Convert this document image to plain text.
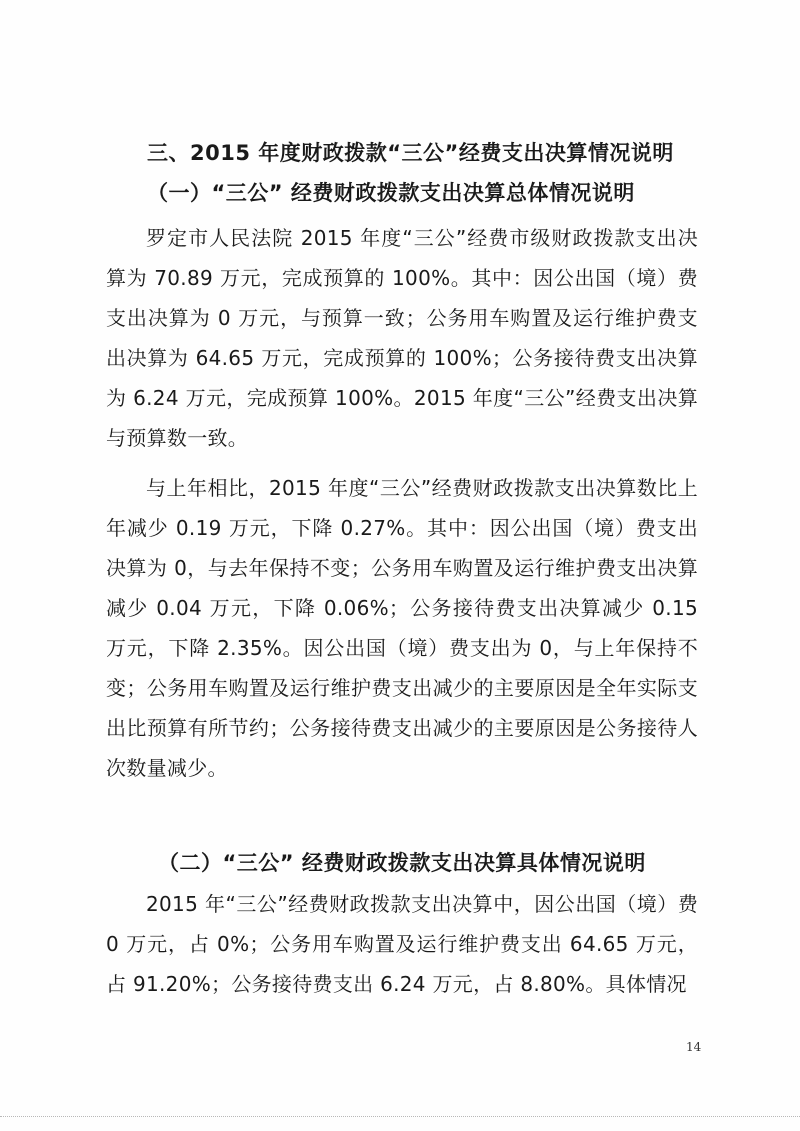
三、2015 年度财政拨款“三公”经费支出决算情况说明
（一）“三公” 经费财政拨款支出决算总体情况说明
罗定市人民法院 2015 年度“三公”经费市级财政拨款支出决算为 70.89 万元，完成预算的 100%。其中：因公出国（境）费支出决算为 0 万元，与预算一致；公务用车购置及运行维护费支出决算为 64.65 万元，完成预算的 100%；公务接待费支出决算为 6.24 万元，完成预算 100%。2015 年度“三公”经费支出决算与预算数一致。
与上年相比，2015 年度“三公”经费财政拨款支出决算数比上年减少 0.19 万元，下降 0.27%。其中：因公出国（境）费支出决算为 0，与去年保持不变；公务用车购置及运行维护费支出决算减少 0.04 万元，下降 0.06%；公务接待费支出决算减少 0.15 万元，下降 2.35%。因公出国（境）费支出为 0，与上年保持不变；公务用车购置及运行维护费支出减少的主要原因是全年实际支出比预算有所节约；公务接待费支出减少的主要原因是公务接待人次数量减少。
（二）“三公” 经费财政拨款支出决算具体情况说明
2015 年“三公”经费财政拨款支出决算中，因公出国（境）费 0 万元，占 0%；公务用车购置及运行维护费支出 64.65 万元，占 91.20%；公务接待费支出 6.24 万元，占 8.80%。具体情况
14
